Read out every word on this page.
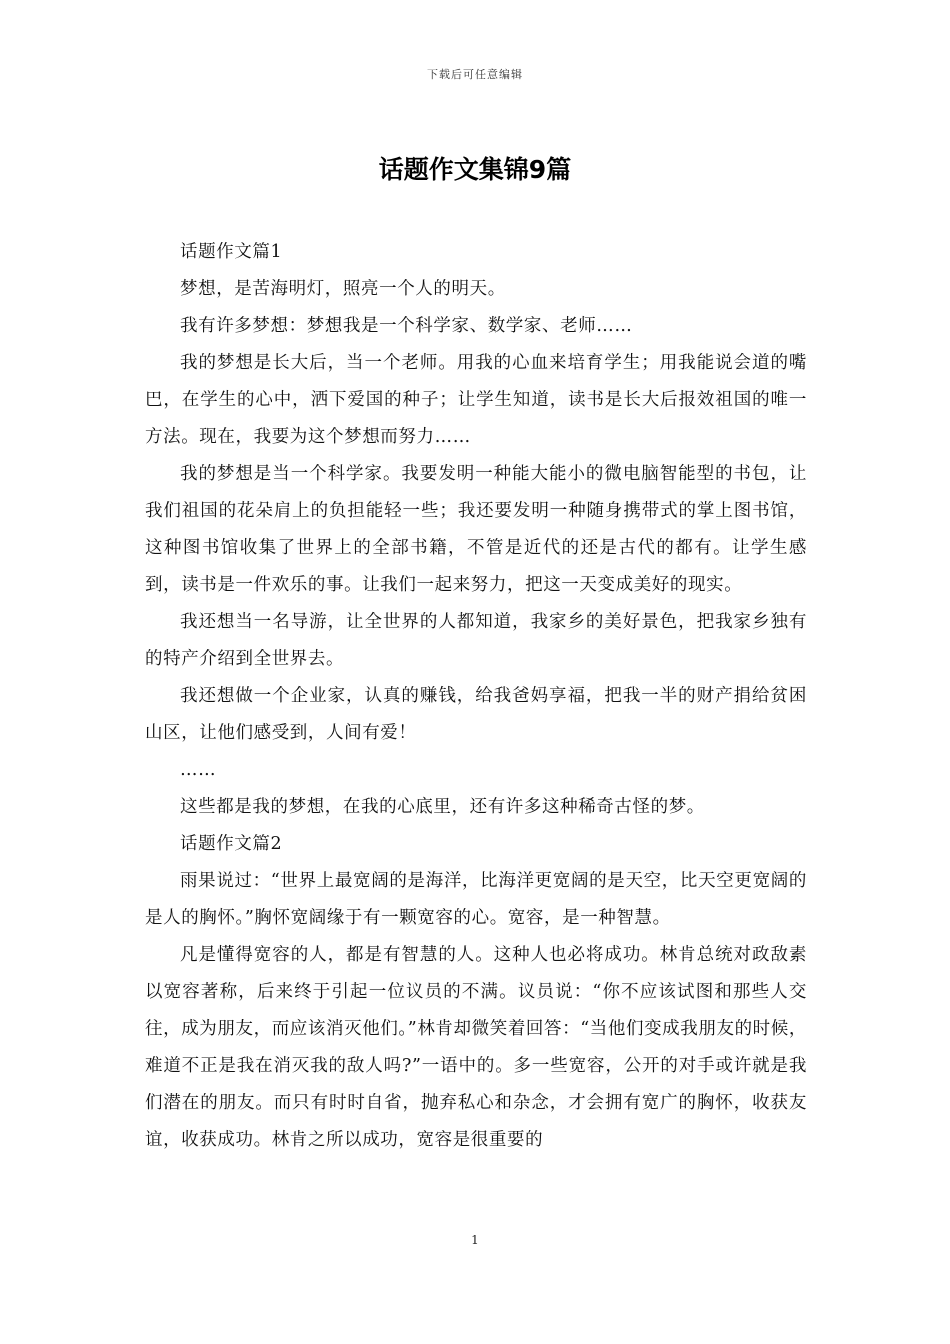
下载后可任意编辑
话题作文集锦9篇

话题作文篇1

梦想，是苦海明灯，照亮一个人的明天。

我有许多梦想：梦想我是一个科学家、数学家、老师……

我的梦想是长大后，当一个老师。用我的心血来培育学生；用我能说会道的嘴巴，在学生的心中，洒下爱国的种子；让学生知道，读书是长大后报效祖国的唯一方法。现在，我要为这个梦想而努力……

我的梦想是当一个科学家。我要发明一种能大能小的微电脑智能型的书包，让我们祖国的花朵肩上的负担能轻一些；我还要发明一种随身携带式的掌上图书馆，这种图书馆收集了世界上的全部书籍，不管是近代的还是古代的都有。让学生感到，读书是一件欢乐的事。让我们一起来努力，把这一天变成美好的现实。

我还想当一名导游，让全世界的人都知道，我家乡的美好景色，把我家乡独有的特产介绍到全世界去。

我还想做一个企业家，认真的赚钱，给我爸妈享福，把我一半的财产捐给贫困山区，让他们感受到，人间有爱！

……

这些都是我的梦想，在我的心底里，还有许多这种稀奇古怪的梦。

话题作文篇2

雨果说过：“世界上最宽阔的是海洋，比海洋更宽阔的是天空，比天空更宽阔的是人的胸怀。”胸怀宽阔缘于有一颗宽容的心。宽容，是一种智慧。

凡是懂得宽容的人，都是有智慧的人。这种人也必将成功。林肯总统对政敌素以宽容著称，后来终于引起一位议员的不满。议员说：“你不应该试图和那些人交往，成为朋友，而应该消灭他们。”林肯却微笑着回答：“当他们变成我朋友的时候，难道不正是我在消灭我的敌人吗?”一语中的。多一些宽容，公开的对手或许就是我们潜在的朋友。而只有时时自省，抛弃私心和杂念，才会拥有宽广的胸怀，收获友谊，收获成功。林肯之所以成功，宽容是很重要的

1
